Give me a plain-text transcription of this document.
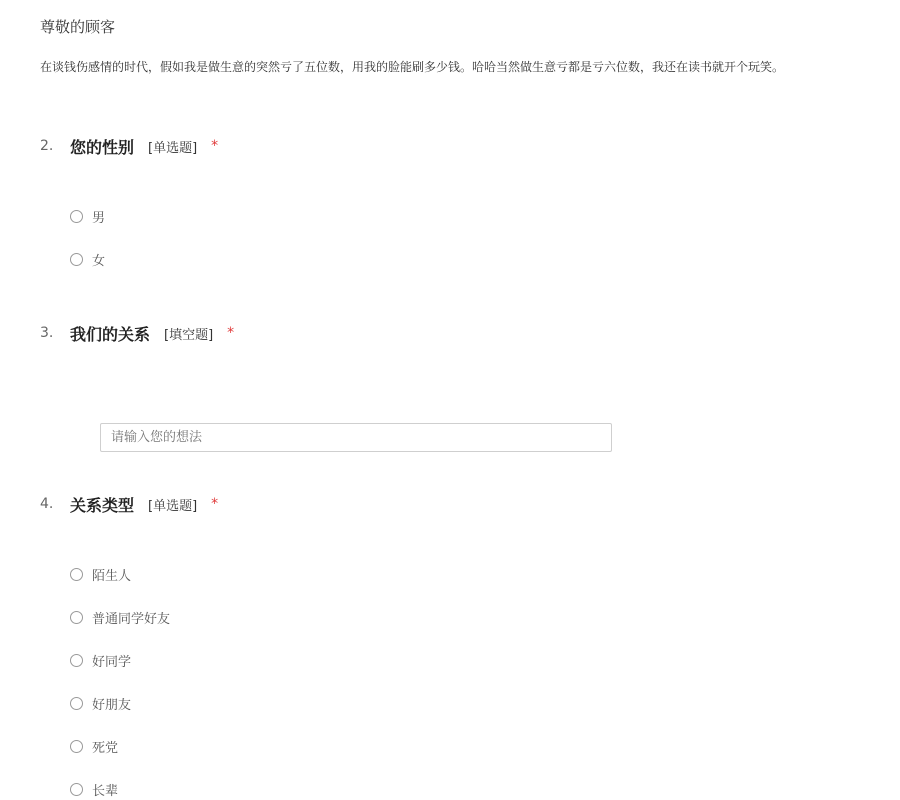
尊敬的顾客
在谈钱伤感情的时代，假如我是做生意的突然亏了五位数，用我的脸能刷多少钱。哈哈当然做生意亏都是亏六位数，我还在读书就开个玩笑。
2.	您的性别 [单选题] *
男
女
3.	我们的关系 [填空题] *
请输入您的想法
4.	关系类型 [单选题] *
陌生人
普通同学好友
好同学
好朋友
死党
长辈
